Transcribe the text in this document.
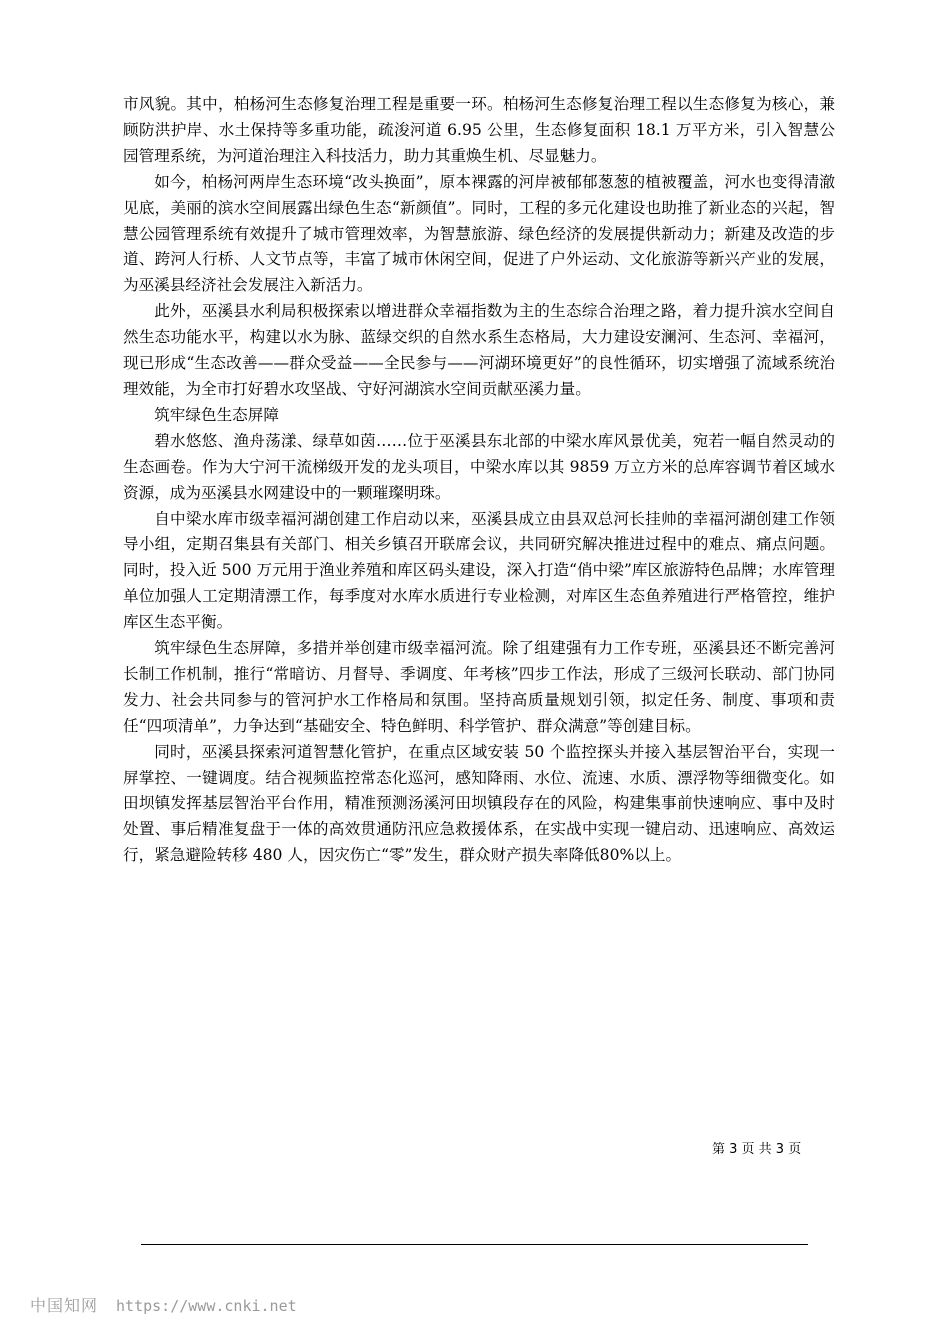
市风貌。其中，柏杨河生态修复治理工程是重要一环。柏杨河生态修复治理工程以生态修复为核心，兼顾防洪护岸、水土保持等多重功能，疏浚河道 6.95 公里，生态修复面积 18.1 万平方米，引入智慧公园管理系统，为河道治理注入科技活力，助力其重焕生机、尽显魅力。

如今，柏杨河两岸生态环境“改头换面”，原本裸露的河岸被郁郁葱葱的植被覆盖，河水也变得清澈见底，美丽的滨水空间展露出绿色生态“新颜值”。同时，工程的多元化建设也助推了新业态的兴起，智慧公园管理系统有效提升了城市管理效率，为智慧旅游、绿色经济的发展提供新动力；新建及改造的步道、跨河人行桥、人文节点等，丰富了城市休闲空间，促进了户外运动、文化旅游等新兴产业的发展，为巫溪县经济社会发展注入新活力。

此外，巫溪县水利局积极探索以增进群众幸福指数为主的生态综合治理之路，着力提升滨水空间自然生态功能水平，构建以水为脉、蓝绿交织的自然水系生态格局，大力建设安澜河、生态河、幸福河，现已形成“生态改善——群众受益——全民参与——河湖环境更好”的良性循环，切实增强了流域系统治理效能，为全市打好碧水攻坚战、守好河湖滨水空间贡献巫溪力量。

筑牢绿色生态屏障

碧水悠悠、渔舟荡漾、绿草如茵……位于巫溪县东北部的中梁水库风景优美，宛若一幅自然灵动的生态画卷。作为大宁河干流梯级开发的龙头项目，中梁水库以其 9859 万立方米的总库容调节着区域水资源，成为巫溪县水网建设中的一颗璀璨明珠。

自中梁水库市级幸福河湖创建工作启动以来，巫溪县成立由县双总河长挂帅的幸福河湖创建工作领导小组，定期召集县有关部门、相关乡镇召开联席会议，共同研究解决推进过程中的难点、痛点问题。同时，投入近 500 万元用于渔业养殖和库区码头建设，深入打造“俏中梁”库区旅游特色品牌；水库管理单位加强人工定期清漂工作，每季度对水库水质进行专业检测，对库区生态鱼养殖进行严格管控，维护库区生态平衡。

筑牢绿色生态屏障，多措并举创建市级幸福河流。除了组建强有力工作专班，巫溪县还不断完善河长制工作机制，推行“常暗访、月督导、季调度、年考核”四步工作法，形成了三级河长联动、部门协同发力、社会共同参与的管河护水工作格局和氛围。坚持高质量规划引领，拟定任务、制度、事项和责任“四项清单”，力争达到“基础安全、特色鲜明、科学管护、群众满意”等创建目标。

同时，巫溪县探索河道智慧化管护，在重点区域安装 50 个监控探头并接入基层智治平台，实现一屏掌控、一键调度。结合视频监控常态化巡河，感知降雨、水位、流速、水质、漂浮物等细微变化。如田坝镇发挥基层智治平台作用，精准预测汤溪河田坝镇段存在的风险，构建集事前快速响应、事中及时处置、事后精准复盘于一体的高效贯通防汛应急救援体系，在实战中实现一键启动、迅速响应、高效运行，紧急避险转移 480 人，因灾伤亡“零”发生，群众财产损失率降低80%以上。

第 3 页 共 3 页
中国知网 https://www.cnki.net
